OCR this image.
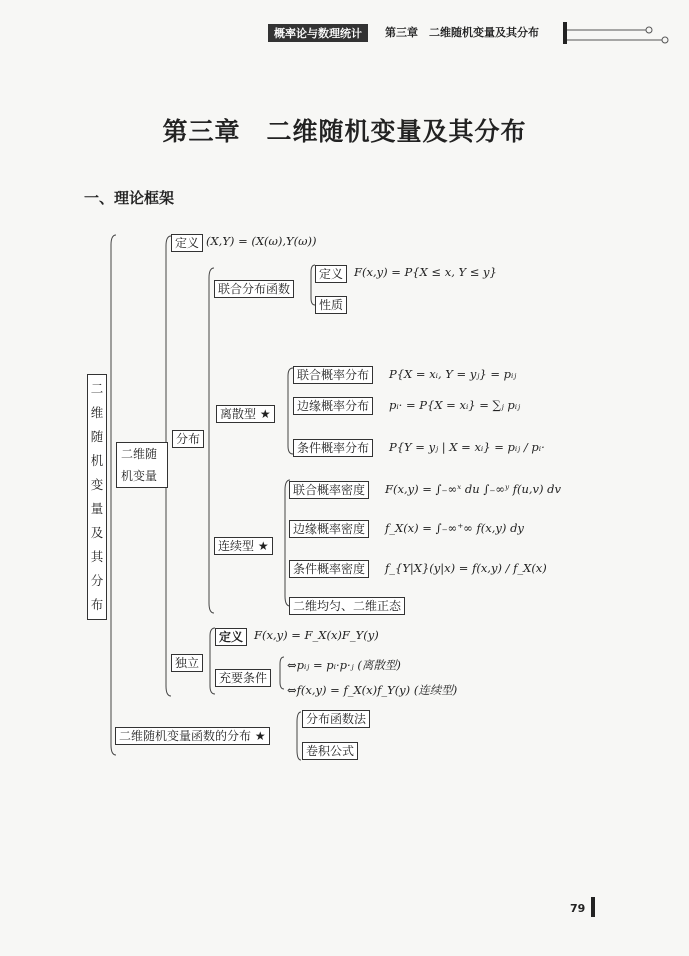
概率论与数理统计	第三章　二维随机变量及其分布
第三章　二维随机变量及其分布
一、理论框架
二维随机变量及其分布
二维随机变量
定义 (X,Y) = (X(ω),Y(ω))
分布
联合分布函数
定义 F(x,y) = P{X ≤ x, Y ≤ y}
性质
离散型 ★
联合概率分布	P{X = xᵢ, Y = yⱼ} = pᵢⱼ
边缘概率分布	pᵢ· = P{X = xᵢ} = ∑ⱼ pᵢⱼ
条件概率分布	P{Y = yⱼ | X = xᵢ} = pᵢⱼ / pᵢ·
连续型 ★
联合概率密度	F(x,y) = ∫₋∞ˣ du ∫₋∞ʸ f(u,v) dv
边缘概率密度	f_X(x) = ∫₋∞⁺∞ f(x,y) dy
条件概率密度	f_{Y|X}(y|x) = f(x,y) / f_X(x)
二维均匀、二维正态
独立
定义 F(x,y) = F_X(x)F_Y(y)
充要条件
⇔pᵢⱼ = pᵢ·p·ⱼ (离散型)
⇔f(x,y) = f_X(x)f_Y(y) (连续型)
二维随机变量函数的分布 ★
分布函数法
卷积公式
79
